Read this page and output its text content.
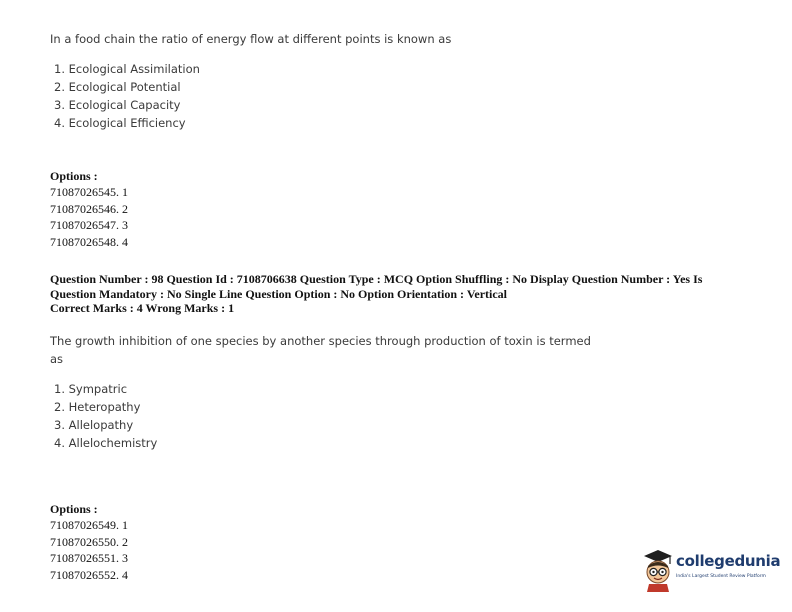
In a food chain the ratio of energy flow at different points is known as
1. Ecological Assimilation
2. Ecological Potential
3. Ecological Capacity
4. Ecological Efficiency
Options :
71087026545. 1
71087026546. 2
71087026547. 3
71087026548. 4
Question Number : 98 Question Id : 7108706638 Question Type : MCQ Option Shuffling : No Display Question Number : Yes Is
Question Mandatory : No Single Line Question Option : No Option Orientation : Vertical
Correct Marks : 4 Wrong Marks : 1
The growth inhibition of one species by another species through production of toxin is termed
as
1. Sympatric
2. Heteropathy
3. Allelopathy
4. Allelochemistry
Options :
71087026549. 1
71087026550. 2
71087026551. 3
71087026552. 4
collegedunia
India's Largest Student Review Platform
